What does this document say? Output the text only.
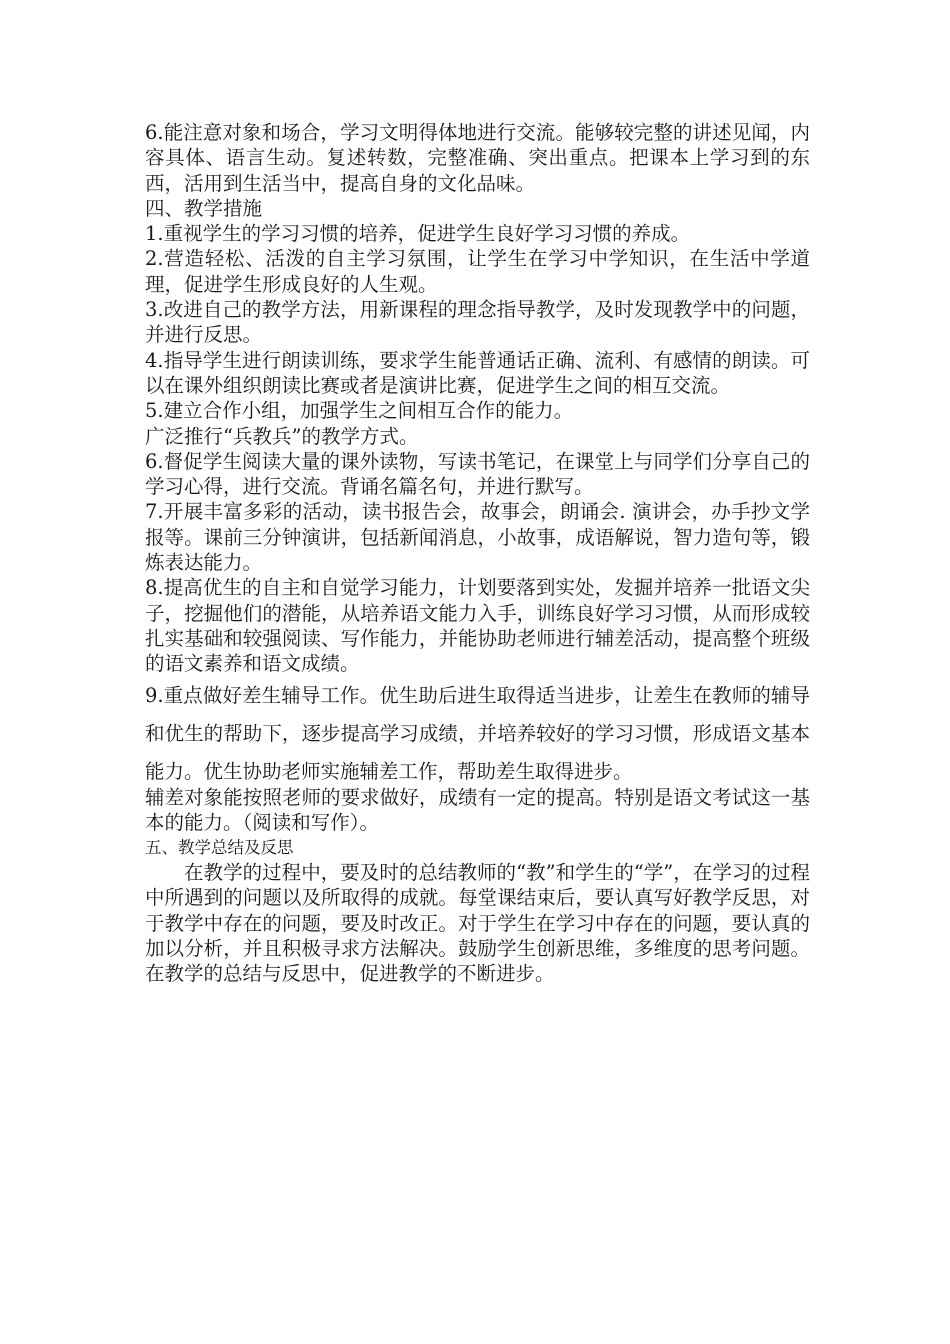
6.能注意对象和场合，学习文明得体地进行交流。能够较完整的讲述见闻，内容具体、语言生动。复述转数，完整准确、突出重点。把课本上学习到的东西，活用到生活当中，提高自身的文化品味。

四、教学措施

1.重视学生的学习习惯的培养，促进学生良好学习习惯的养成。

2.营造轻松、活泼的自主学习氛围，让学生在学习中学知识，在生活中学道理，促进学生形成良好的人生观。

3.改进自己的教学方法，用新课程的理念指导教学，及时发现教学中的问题，并进行反思。

4.指导学生进行朗读训练，要求学生能普通话正确、流利、有感情的朗读。可以在课外组织朗读比赛或者是演讲比赛，促进学生之间的相互交流。

5.建立合作小组，加强学生之间相互合作的能力。

广泛推行“兵教兵”的教学方式。

6.督促学生阅读大量的课外读物，写读书笔记，在课堂上与同学们分享自己的学习心得，进行交流。背诵名篇名句，并进行默写。

7.开展丰富多彩的活动，读书报告会，故事会，朗诵会. 演讲会，办手抄文学报等。课前三分钟演讲，包括新闻消息，小故事，成语解说，智力造句等，锻炼表达能力。

8.提高优生的自主和自觉学习能力，计划要落到实处，发掘并培养一批语文尖子，挖掘他们的潜能，从培养语文能力入手，训练良好学习习惯，从而形成较扎实基础和较强阅读、写作能力，并能协助老师进行辅差活动，提高整个班级的语文素养和语文成绩。

9.重点做好差生辅导工作。优生助后进生取得适当进步，让差生在教师的辅导和优生的帮助下，逐步提高学习成绩，并培养较好的学习习惯，形成语文基本能力。优生协助老师实施辅差工作，帮助差生取得进步。

辅差对象能按照老师的要求做好，成绩有一定的提高。特别是语文考试这一基本的能力。（阅读和写作）。

五、教学总结及反思

在教学的过程中，要及时的总结教师的“教”和学生的“学”，在学习的过程中所遇到的问题以及所取得的成就。每堂课结束后，要认真写好教学反思，对于教学中存在的问题，要及时改正。对于学生在学习中存在的问题，要认真的加以分析，并且积极寻求方法解决。鼓励学生创新思维，多维度的思考问题。在教学的总结与反思中，促进教学的不断进步。
